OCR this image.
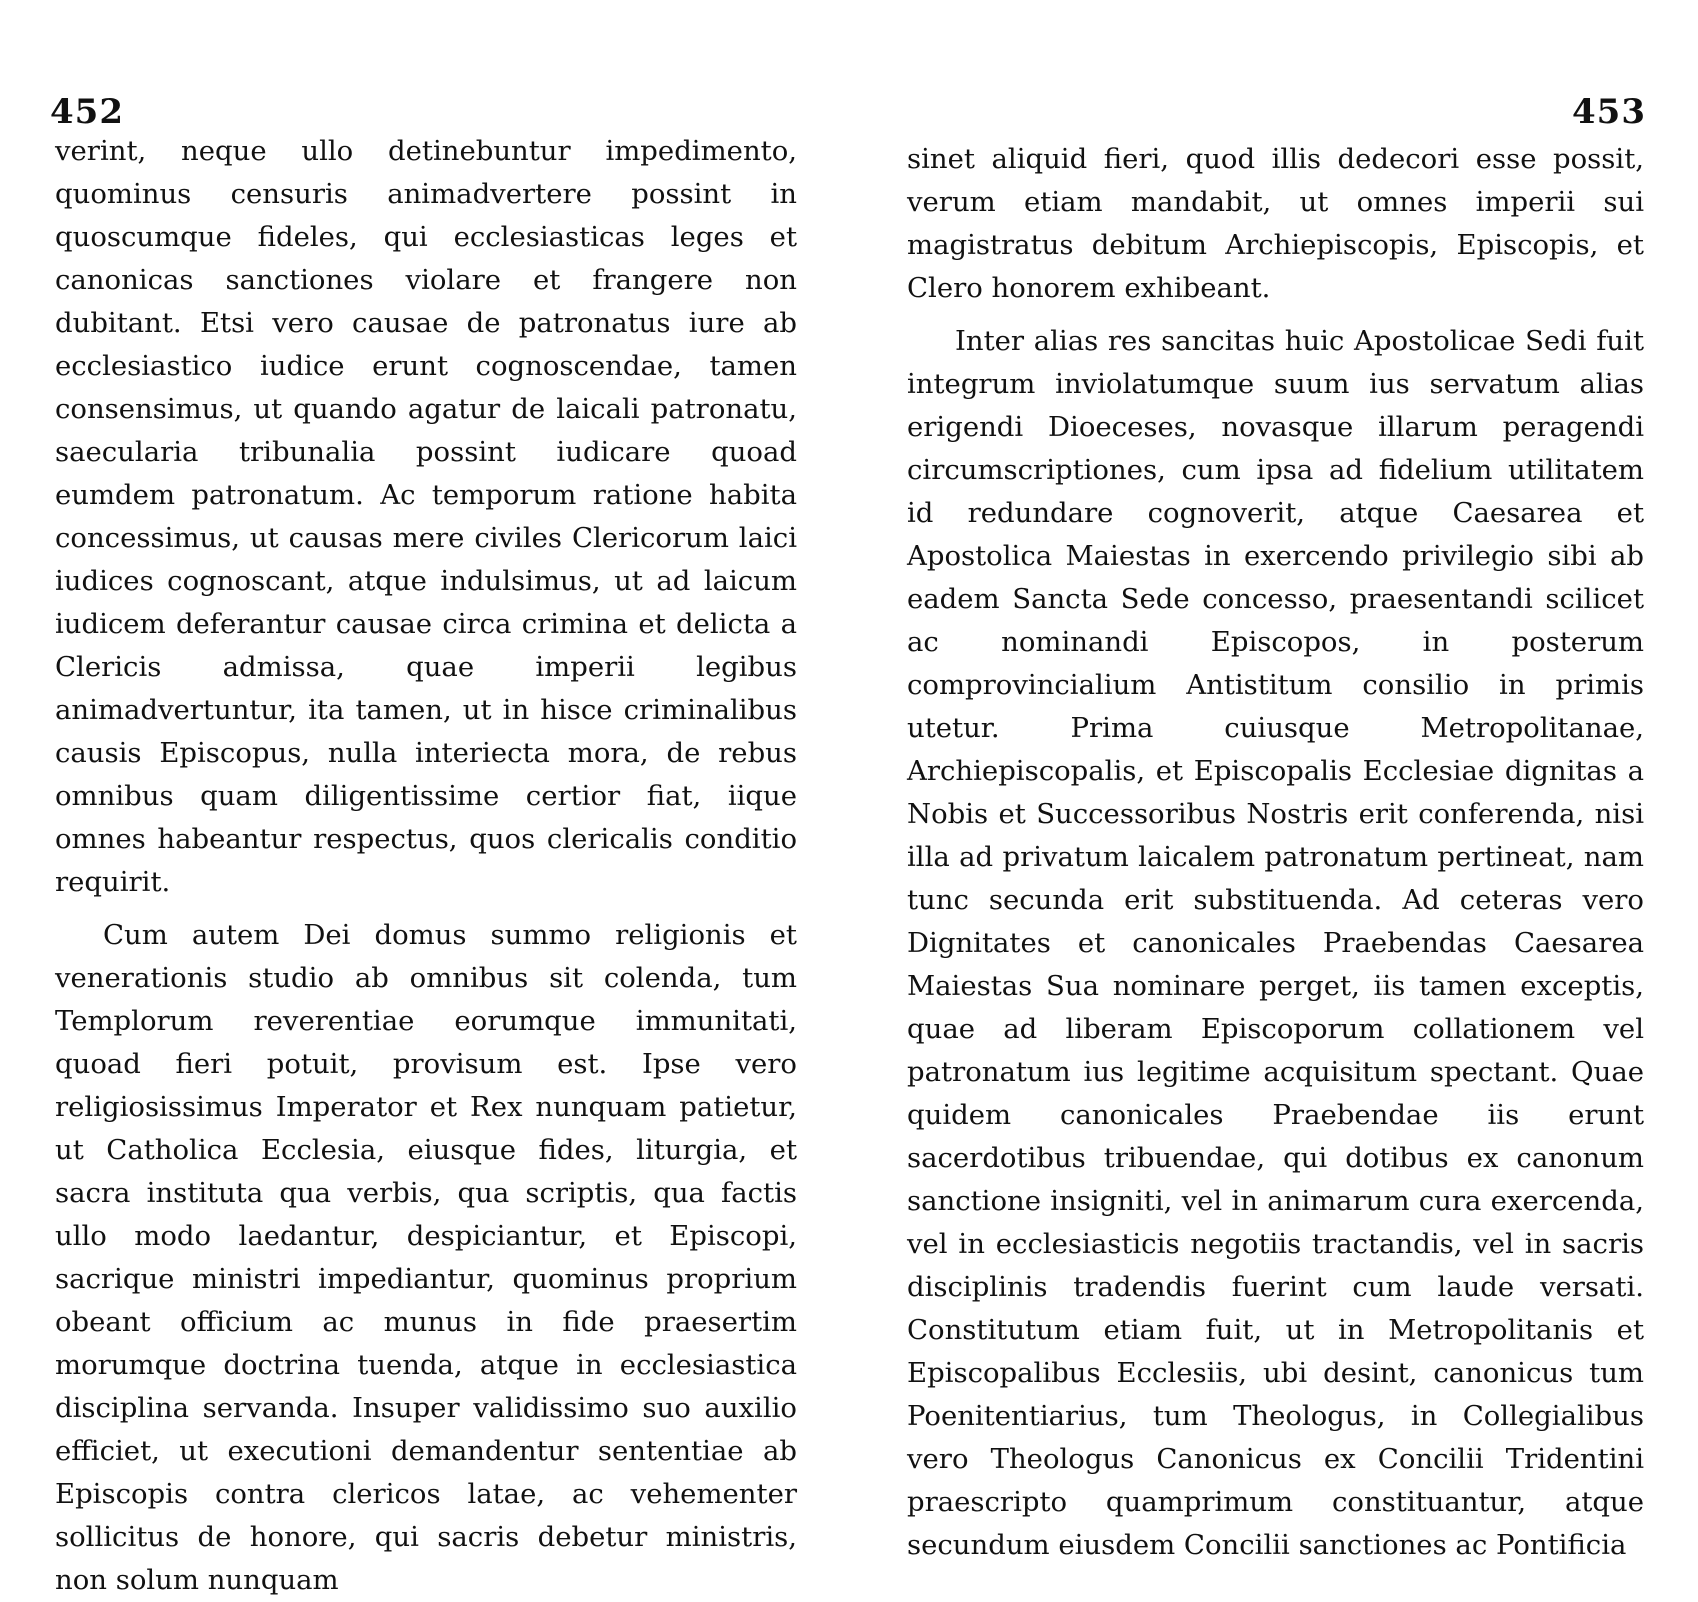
452

verint, neque ullo detinebuntur impedimento, quominus censuris animadvertere possint in quoscumque fideles, qui ecclesiasticas leges et canonicas sanctiones violare et frangere non dubitant. Etsi vero causae de patronatus iure ab ecclesiastico iudice erunt cognoscendae, tamen consensimus, ut quando agatur de laicali patronatu, saecularia tribunalia possint iudicare quoad eumdem patronatum. Ac temporum ratione habita concessimus, ut causas mere civiles Clericorum laici iudices cognoscant, atque indulsimus, ut ad laicum iudicem deferantur causae circa crimina et delicta a Clericis admissa, quae imperii legibus animadvertuntur, ita tamen, ut in hisce criminalibus causis Episcopus, nulla interiecta mora, de rebus omnibus quam diligentissime certior fiat, iique omnes habeantur respectus, quos clericalis conditio requirit.

Cum autem Dei domus summo religionis et venerationis studio ab omnibus sit colenda, tum Templorum reverentiae eorumque immunitati, quoad fieri potuit, provisum est. Ipse vero religiosissimus Imperator et Rex nunquam patietur, ut Catholica Ecclesia, eiusque fides, liturgia, et sacra instituta qua verbis, qua scriptis, qua factis ullo modo laedantur, despiciantur, et Episcopi, sacrique ministri impediantur, quominus proprium obeant officium ac munus in fide praesertim morumque doctrina tuenda, atque in ecclesiastica disciplina servanda. Insuper validissimo suo auxilio efficiet, ut executioni demandentur sententiae ab Episcopis contra clericos latae, ac vehementer sollicitus de honore, qui sacris debetur ministris, non solum nunquam

453

sinet aliquid fieri, quod illis dedecori esse possit, verum etiam mandabit, ut omnes imperii sui magistratus debitum Archiepiscopis, Episcopis, et Clero honorem exhibeant.

Inter alias res sancitas huic Apostolicae Sedi fuit integrum inviolatumque suum ius servatum alias erigendi Dioeceses, novasque illarum peragendi circumscriptiones, cum ipsa ad fidelium utilitatem id redundare cognoverit, atque Caesarea et Apostolica Maiestas in exercendo privilegio sibi ab eadem Sancta Sede concesso, praesentandi scilicet ac nominandi Episcopos, in posterum comprovincialium Antistitum consilio in primis utetur. Prima cuiusque Metropolitanae, Archiepiscopalis, et Episcopalis Ecclesiae dignitas a Nobis et Successoribus Nostris erit conferenda, nisi illa ad privatum laicalem patronatum pertineat, nam tunc secunda erit substituenda. Ad ceteras vero Dignitates et canonicales Praebendas Caesarea Maiestas Sua nominare perget, iis tamen exceptis, quae ad liberam Episcoporum collationem vel patronatum ius legitime acquisitum spectant. Quae quidem canonicales Praebendae iis erunt sacerdotibus tribuendae, qui dotibus ex canonum sanctione insigniti, vel in animarum cura exercenda, vel in ecclesiasticis negotiis tractandis, vel in sacris disciplinis tradendis fuerint cum laude versati. Constitutum etiam fuit, ut in Metropolitanis et Episcopalibus Ecclesiis, ubi desint, canonicus tum Poenitentiarius, tum Theologus, in Collegialibus vero Theologus Canonicus ex Concilii Tridentini praescripto quamprimum constituantur, atque secundum eiusdem Concilii sanctiones ac Pontificia
